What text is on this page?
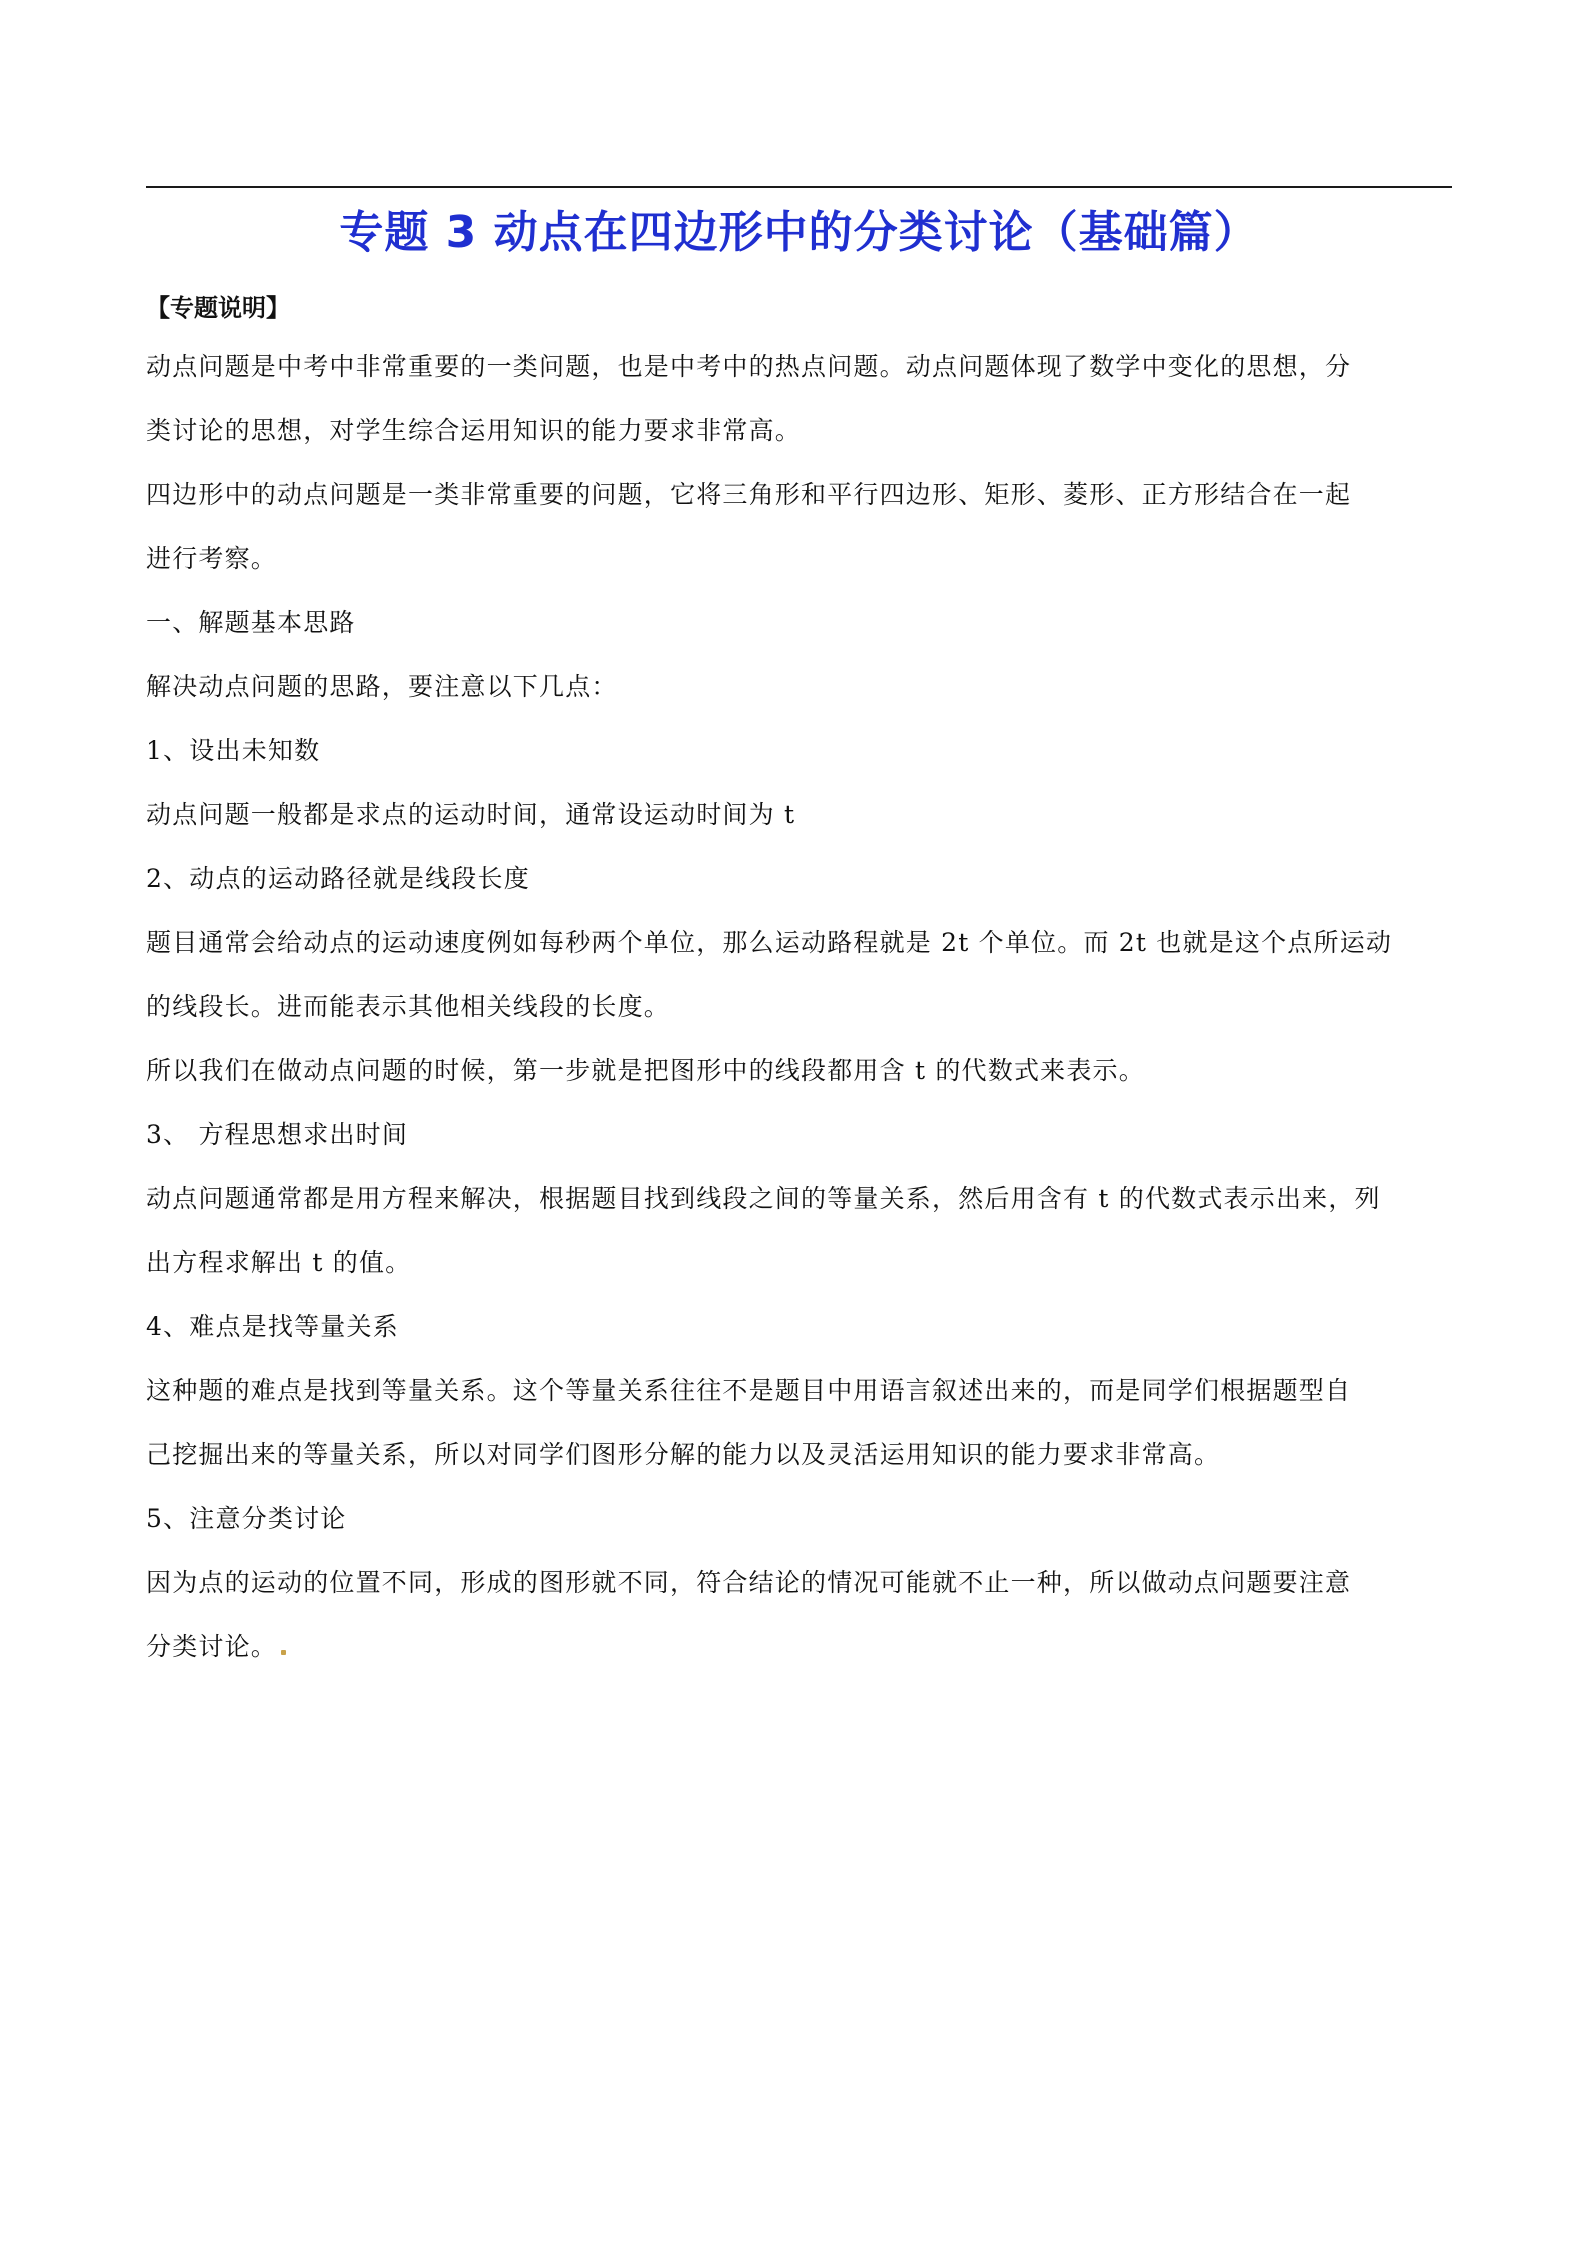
专题 3 动点在四边形中的分类讨论（基础篇）
【专题说明】
动点问题是中考中非常重要的一类问题，也是中考中的热点问题。动点问题体现了数学中变化的思想，分
类讨论的思想，对学生综合运用知识的能力要求非常高。
四边形中的动点问题是一类非常重要的问题，它将三角形和平行四边形、矩形、菱形、正方形结合在一起
进行考察。
一、解题基本思路
解决动点问题的思路，要注意以下几点：
1、设出未知数
动点问题一般都是求点的运动时间，通常设运动时间为 t
2、动点的运动路径就是线段长度
题目通常会给动点的运动速度例如每秒两个单位，那么运动路程就是 2t 个单位。而 2t 也就是这个点所运动
的线段长。进而能表示其他相关线段的长度。
所以我们在做动点问题的时候，第一步就是把图形中的线段都用含 t 的代数式来表示。
3、 方程思想求出时间
动点问题通常都是用方程来解决，根据题目找到线段之间的等量关系，然后用含有 t 的代数式表示出来，列
出方程求解出 t 的值。
4、难点是找等量关系
这种题的难点是找到等量关系。这个等量关系往往不是题目中用语言叙述出来的，而是同学们根据题型自
己挖掘出来的等量关系，所以对同学们图形分解的能力以及灵活运用知识的能力要求非常高。
5、注意分类讨论
因为点的运动的位置不同，形成的图形就不同，符合结论的情况可能就不止一种，所以做动点问题要注意
分类讨论。
